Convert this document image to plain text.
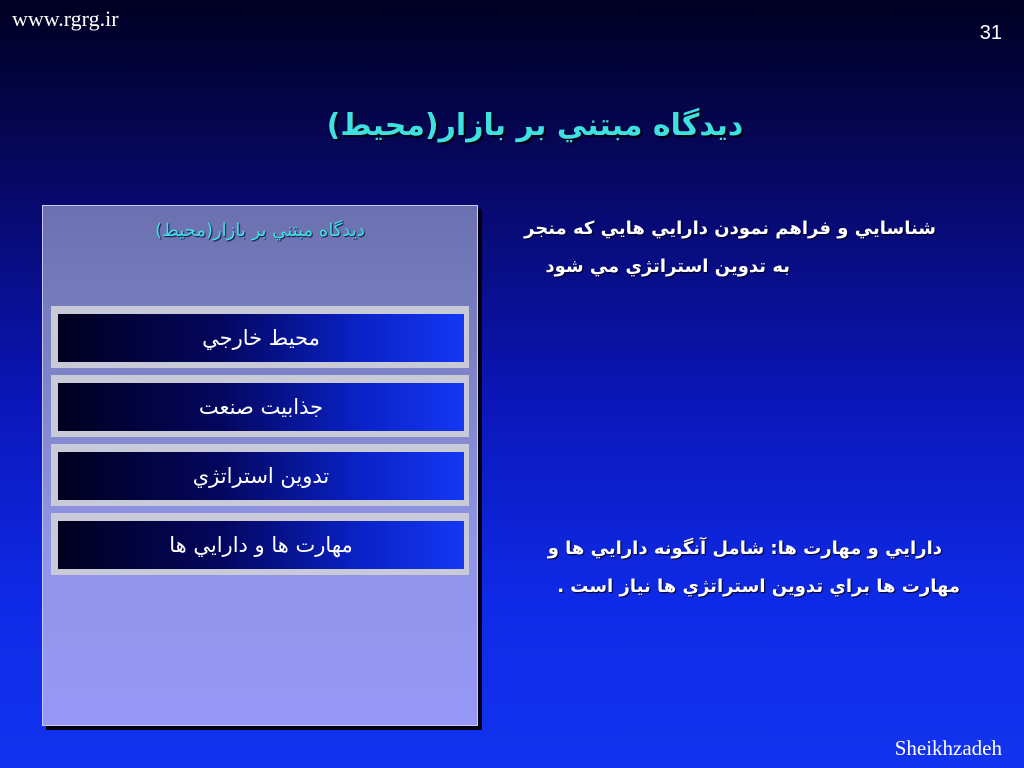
www.rgrg.ir
31
ديدگاه مبتني بر بازار(محيط)
ديدگاه مبتني بر بازار(محيط)
محيط خارجي
جذابيت صنعت
تدوين استراتژي
مهارت ها و دارايي ها
شناسايي و فراهم نمودن دارايي هايي كه منجر
به تدوين استراتژي مي شود
دارايي و مهارت ها: شامل آنگونه دارايي ها و
مهارت ها براي تدوين استراتژي ها نياز است .
Sheikhzadeh
